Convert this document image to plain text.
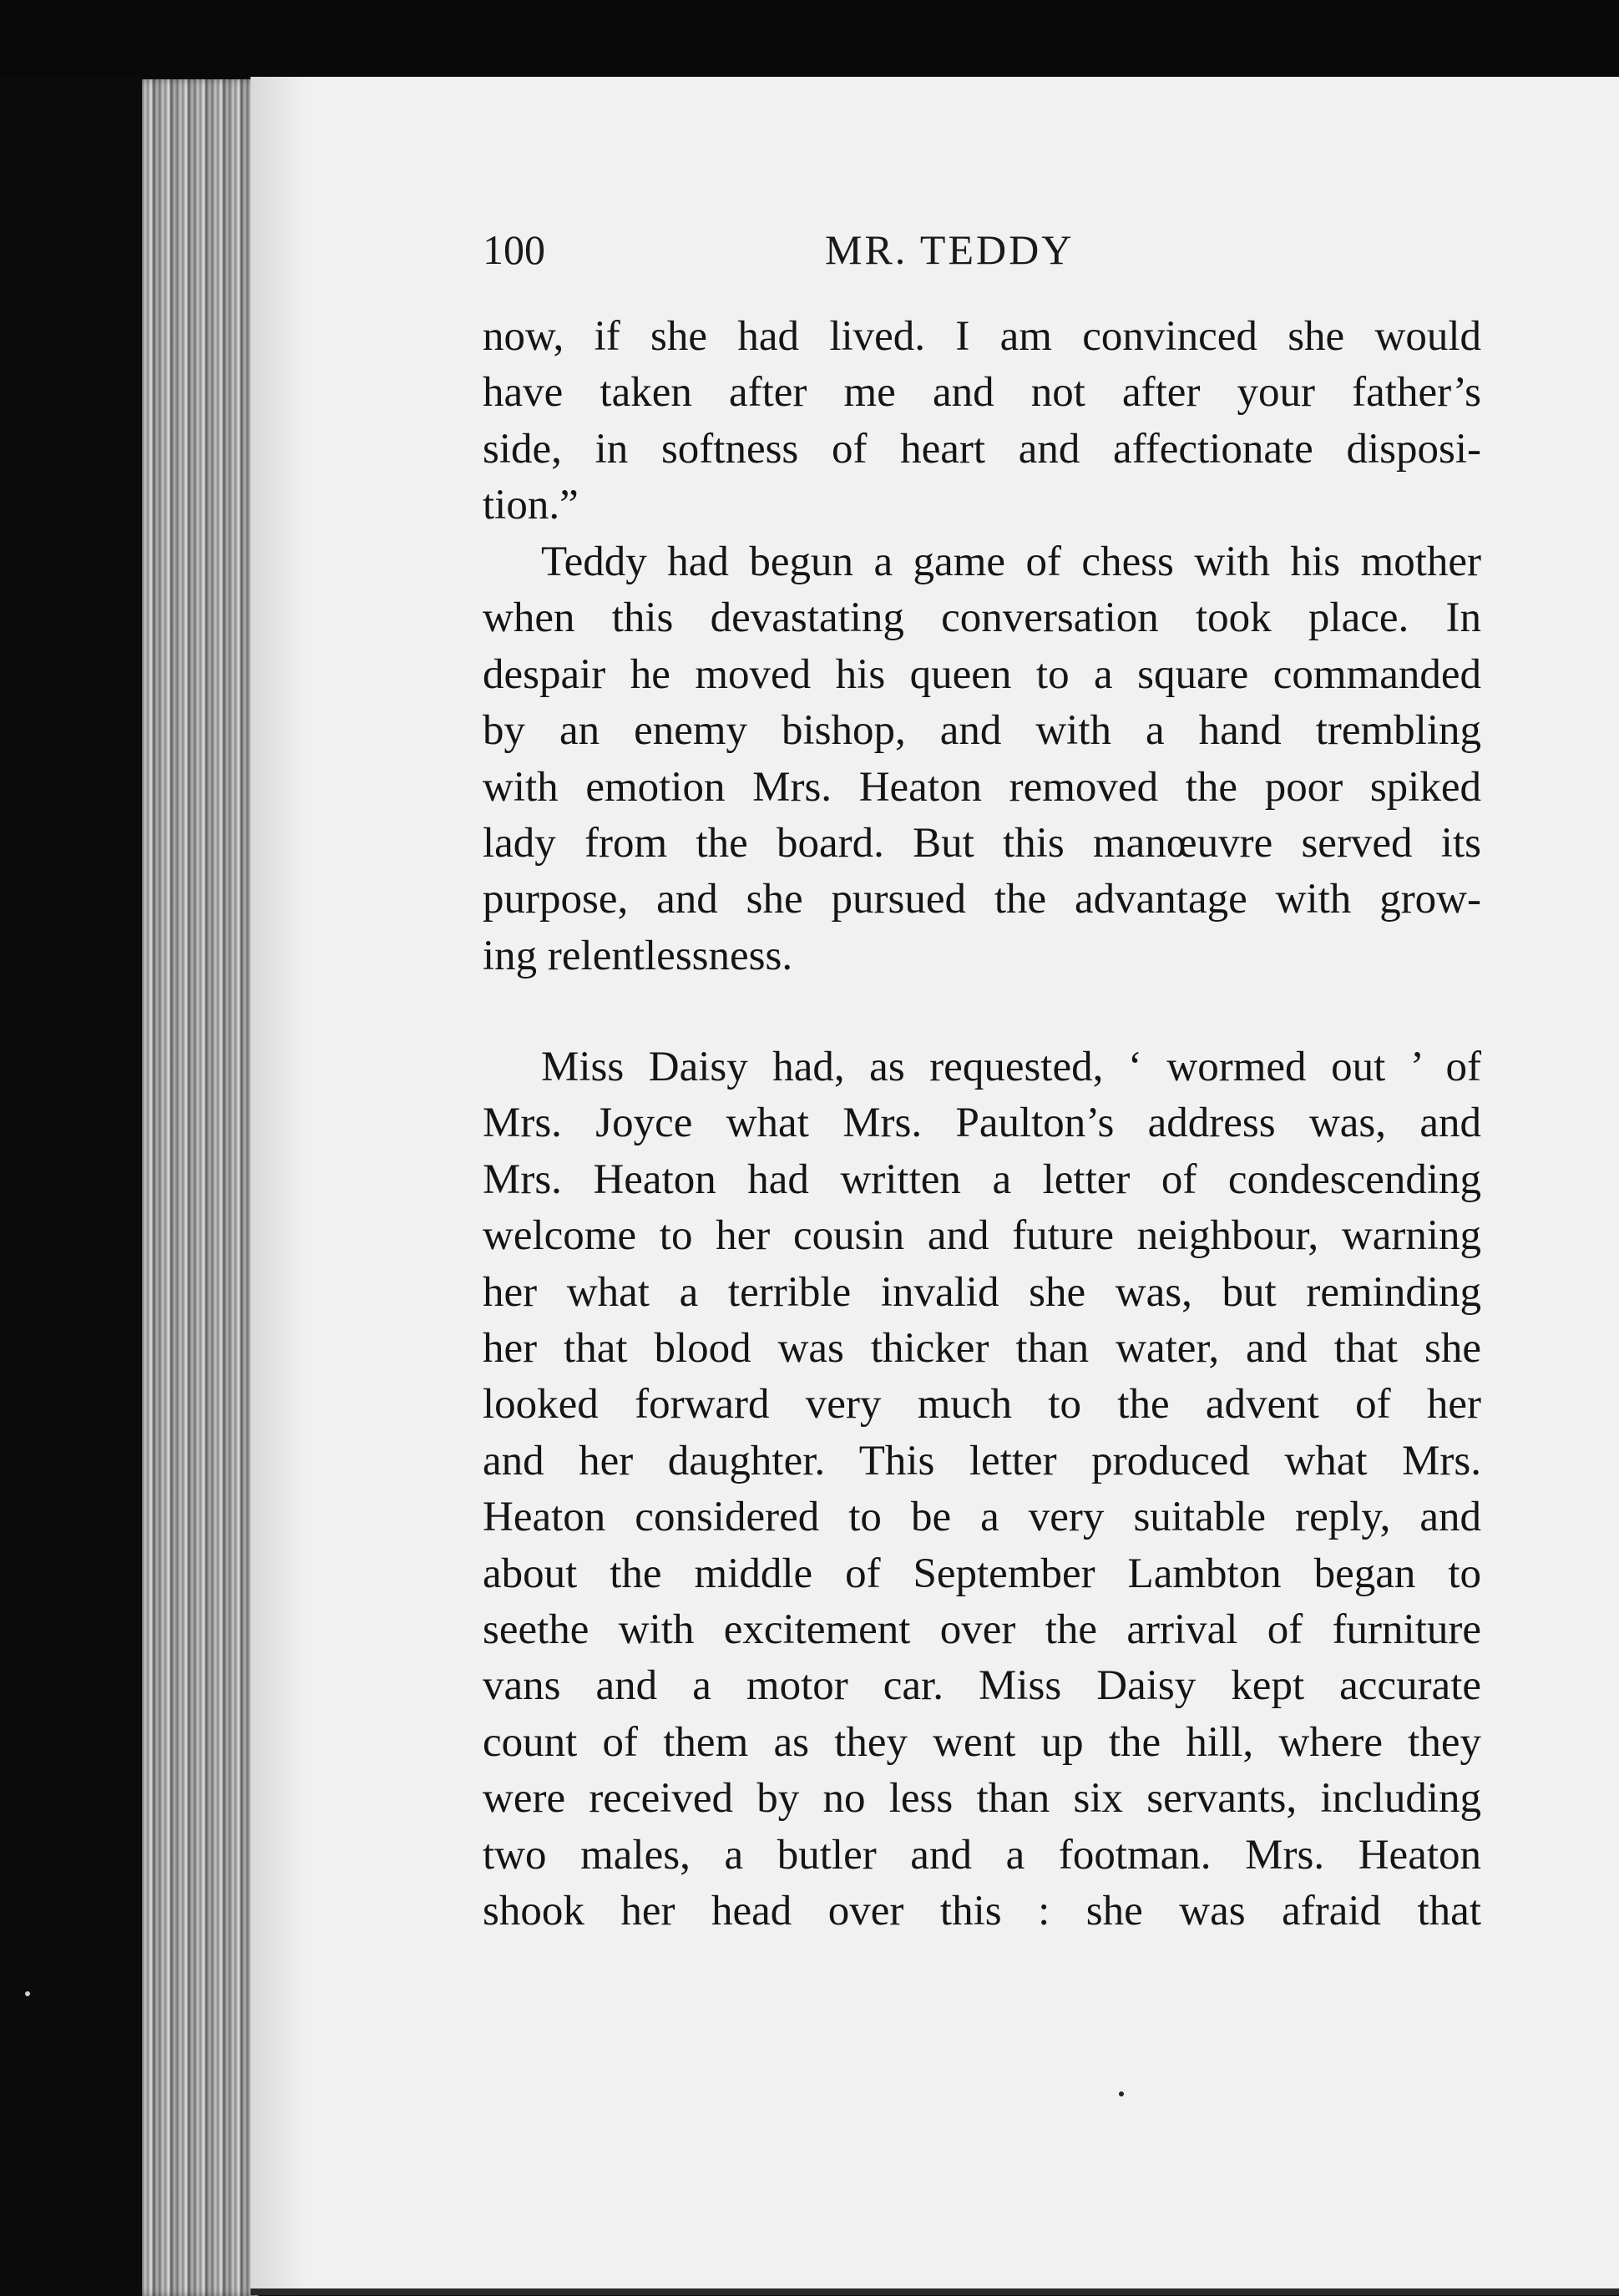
100	MR. TEDDY
now, if she had lived. I am convinced she would
have taken after me and not after your father’s
side, in softness of heart and affectionate disposi-
tion.”
Teddy had begun a game of chess with his mother
when this devastating conversation took place. In
despair he moved his queen to a square commanded
by an enemy bishop, and with a hand trembling
with emotion Mrs. Heaton removed the poor spiked
lady from the board. But this manœuvre served its
purpose, and she pursued the advantage with grow-
ing relentlessness.
Miss Daisy had, as requested, ‘ wormed out ’ of
Mrs. Joyce what Mrs. Paulton’s address was, and
Mrs. Heaton had written a letter of condescending
welcome to her cousin and future neighbour, warning
her what a terrible invalid she was, but reminding
her that blood was thicker than water, and that she
looked forward very much to the advent of her
and her daughter. This letter produced what Mrs.
Heaton considered to be a very suitable reply, and
about the middle of September Lambton began to
seethe with excitement over the arrival of furniture
vans and a motor car. Miss Daisy kept accurate
count of them as they went up the hill, where they
were received by no less than six servants, including
two males, a butler and a footman. Mrs. Heaton
shook her head over this : she was afraid that
